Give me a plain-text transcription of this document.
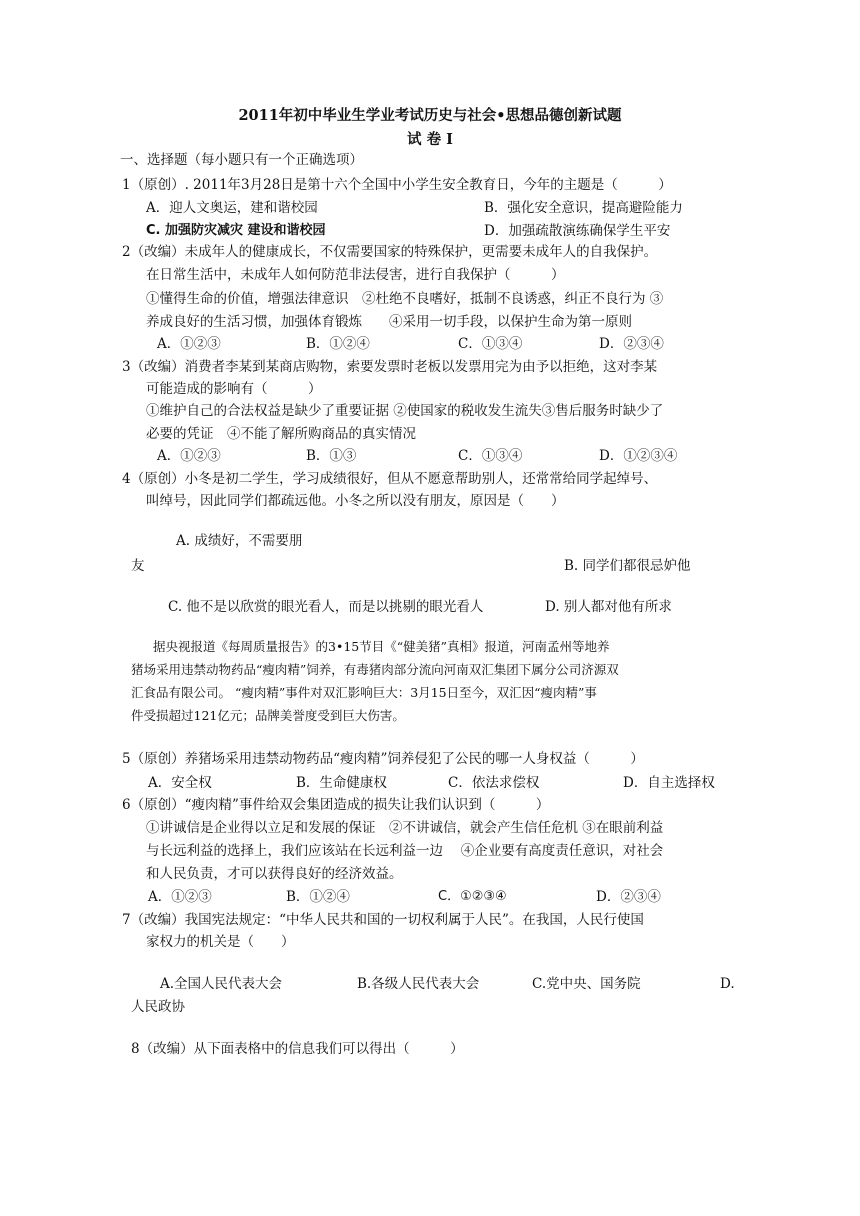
2011年初中毕业生学业考试历史与社会•思想品德创新试题
试 卷 I
一、选择题（每小题只有一个正确选项）
1（原创）. 2011年3月28日是第十六个全国中小学生安全教育日，今年的主题是（　　　）
A．迎人文奥运，建和谐校园	B．强化安全意识，提高避险能力
C. 加强防灾减灾 建设和谐校园	D．加强疏散演练确保学生平安
2（改编）未成年人的健康成长，不仅需要国家的特殊保护，更需要未成年人的自我保护。
在日常生活中，未成年人如何防范非法侵害，进行自我保护（　　　）
①懂得生命的价值，增强法律意识　②杜绝不良嗜好，抵制不良诱惑，纠正不良行为 ③
养成良好的生活习惯，加强体育锻炼　　④采用一切手段，以保护生命为第一原则
A．①②③	B．①②④	C．①③④	D．②③④
3（改编）消费者李某到某商店购物，索要发票时老板以发票用完为由予以拒绝，这对李某
可能造成的影响有（　　　）
①维护自己的合法权益是缺少了重要证据 ②使国家的税收发生流失③售后服务时缺少了
必要的凭证　④不能了解所购商品的真实情况
A．①②③	B．①③	C．①③④	D．①②③④
4（原创）小冬是初二学生，学习成绩很好，但从不愿意帮助别人，还常常给同学起绰号、
叫绰号，因此同学们都疏远他。小冬之所以没有朋友，原因是（　　）
A. 成绩好，不需要朋
友	B. 同学们都很忌妒他
C. 他不是以欣赏的眼光看人，而是以挑剔的眼光看人	D. 别人都对他有所求
据央视报道《每周质量报告》的3•15节目《“健美猪”真相》报道，河南孟州等地养
猪场采用违禁动物药品“瘦肉精”饲养，有毒猪肉部分流向河南双汇集团下属分公司济源双
汇食品有限公司。 “瘦肉精”事件对双汇影响巨大：3月15日至今，双汇因“瘦肉精”事
件受损超过121亿元；品牌美誉度受到巨大伤害。
5（原创）养猪场采用违禁动物药品“瘦肉精”饲养侵犯了公民的哪一人身权益（　　　）
A．安全权	B．生命健康权	C．依法求偿权	D．自主选择权
6（原创）“瘦肉精”事件给双会集团造成的损失让我们认识到（　　　）
①讲诚信是企业得以立足和发展的保证　②不讲诚信，就会产生信任危机 ③在眼前利益
与长远利益的选择上，我们应该站在长远利益一边　 ④企业要有高度责任意识，对社会
和人民负责，才可以获得良好的经济效益。
A．①②③	B．①②④	C．①②③④	D．②③④
7（改编）我国宪法规定：“中华人民共和国的一切权利属于人民”。在我国，人民行使国
家权力的机关是（　　）
A.全国人民代表大会	B.各级人民代表大会	C.党中央、国务院	D.
人民政协
8（改编）从下面表格中的信息我们可以得出（　　　）
